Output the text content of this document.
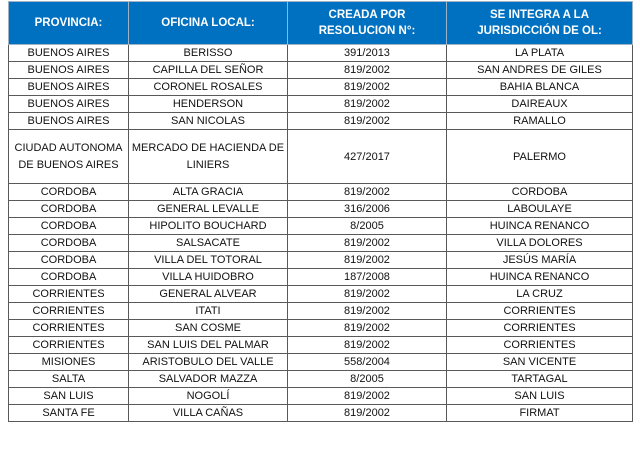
PROVINCIA:	OFICINA LOCAL:	CREADA POR RESOLUCION N°:	SE INTEGRA A LA JURISDICCIÓN DE OL:
BUENOS AIRES	BERISSO	391/2013	LA PLATA
BUENOS AIRES	CAPILLA DEL SEÑOR	819/2002	SAN ANDRES DE GILES
BUENOS AIRES	CORONEL ROSALES	819/2002	BAHIA BLANCA
BUENOS AIRES	HENDERSON	819/2002	DAIREAUX
BUENOS AIRES	SAN NICOLAS	819/2002	RAMALLO
CIUDAD AUTONOMA DE BUENOS AIRES	MERCADO DE HACIENDA DE LINIERS	427/2017	PALERMO
CORDOBA	ALTA GRACIA	819/2002	CORDOBA
CORDOBA	GENERAL LEVALLE	316/2006	LABOULAYE
CORDOBA	HIPOLITO BOUCHARD	8/2005	HUINCA RENANCO
CORDOBA	SALSACATE	819/2002	VILLA DOLORES
CORDOBA	VILLA DEL TOTORAL	819/2002	JESÚS MARÍA
CORDOBA	VILLA HUIDOBRO	187/2008	HUINCA RENANCO
CORRIENTES	GENERAL ALVEAR	819/2002	LA CRUZ
CORRIENTES	ITATI	819/2002	CORRIENTES
CORRIENTES	SAN COSME	819/2002	CORRIENTES
CORRIENTES	SAN LUIS DEL PALMAR	819/2002	CORRIENTES
MISIONES	ARISTOBULO DEL VALLE	558/2004	SAN VICENTE
SALTA	SALVADOR MAZZA	8/2005	TARTAGAL
SAN LUIS	NOGOLÍ	819/2002	SAN LUIS
SANTA FE	VILLA CAÑAS	819/2002	FIRMAT
